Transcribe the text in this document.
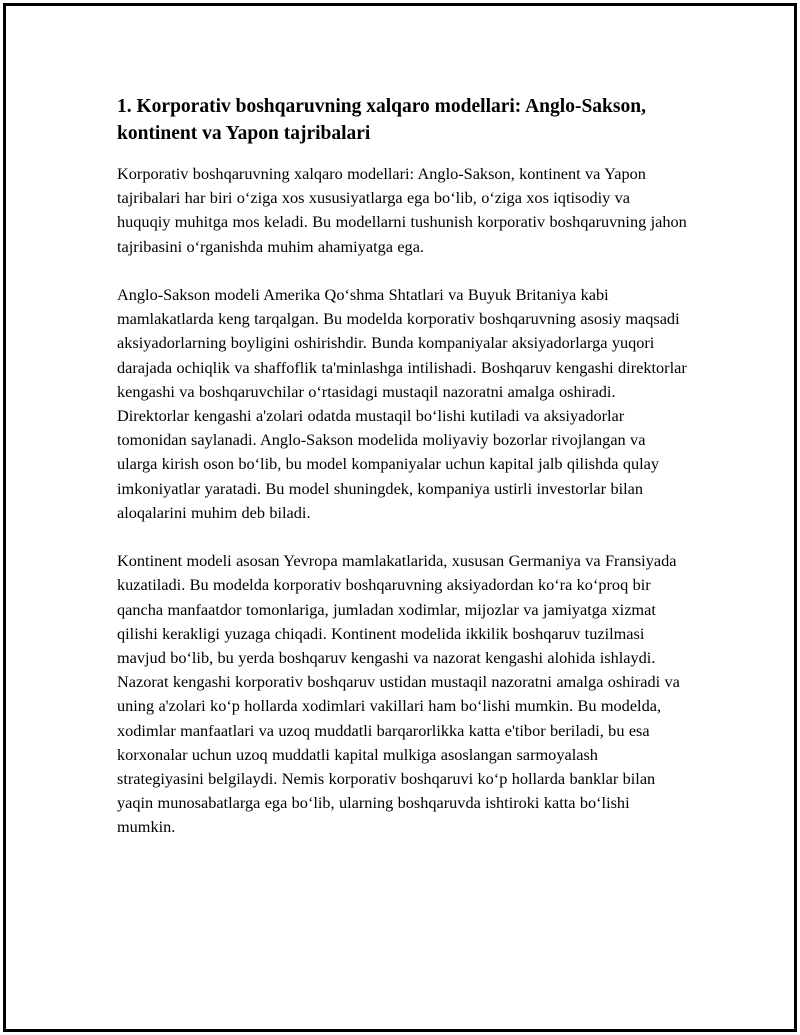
1. Korporativ boshqaruvning xalqaro modellari: Anglo-Sakson, kontinent va Yapon tajribalari

Korporativ boshqaruvning xalqaro modellari: Anglo-Sakson, kontinent va Yapon tajribalari har biri o‘ziga xos xususiyatlarga ega bo‘lib, o‘ziga xos iqtisodiy va huquqiy muhitga mos keladi. Bu modellarni tushunish korporativ boshqaruvning jahon tajribasini o‘rganishda muhim ahamiyatga ega.

Anglo-Sakson modeli Amerika Qo‘shma Shtatlari va Buyuk Britaniya kabi mamlakatlarda keng tarqalgan. Bu modelda korporativ boshqaruvning asosiy maqsadi aksiyadorlarning boyligini oshirishdir. Bunda kompaniyalar aksiyadorlarga yuqori darajada ochiqlik va shaffoflik ta'minlashga intilishadi. Boshqaruv kengashi direktorlar kengashi va boshqaruvchilar o‘rtasidagi mustaqil nazoratni amalga oshiradi. Direktorlar kengashi a'zolari odatda mustaqil bo‘lishi kutiladi va aksiyadorlar tomonidan saylanadi. Anglo-Sakson modelida moliyaviy bozorlar rivojlangan va ularga kirish oson bo‘lib, bu model kompaniyalar uchun kapital jalb qilishda qulay imkoniyatlar yaratadi. Bu model shuningdek, kompaniya ustirli investorlar bilan aloqalarini muhim deb biladi.

Kontinent modeli asosan Yevropa mamlakatlarida, xususan Germaniya va Fransiyada kuzatiladi. Bu modelda korporativ boshqaruvning aksiyadordan ko‘ra ko‘proq bir qancha manfaatdor tomonlariga, jumladan xodimlar, mijozlar va jamiyatga xizmat qilishi kerakligi yuzaga chiqadi. Kontinent modelida ikkilik boshqaruv tuzilmasi mavjud bo‘lib, bu yerda boshqaruv kengashi va nazorat kengashi alohida ishlaydi. Nazorat kengashi korporativ boshqaruv ustidan mustaqil nazoratni amalga oshiradi va uning a'zolari ko‘p hollarda xodimlari vakillari ham bo‘lishi mumkin. Bu modelda, xodimlar manfaatlari va uzoq muddatli barqarorlikka katta e'tibor beriladi, bu esa korxonalar uchun uzoq muddatli kapital mulkiga asoslangan sarmoyalash strategiyasini belgilaydi. Nemis korporativ boshqaruvi ko‘p hollarda banklar bilan yaqin munosabatlarga ega bo‘lib, ularning boshqaruvda ishtiroki katta bo‘lishi mumkin.
